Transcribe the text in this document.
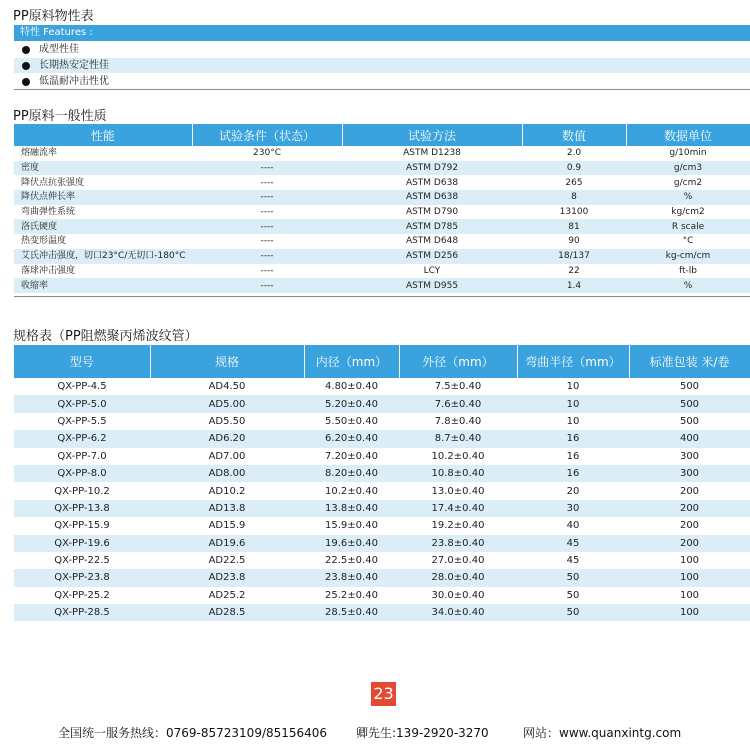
PP原料物性表
特性 Features :
成型性佳
长期热安定性佳
低温耐冲击性优
PP原料一般性质
性能	试验条件（状态）	试验方法	数值	数据单位
熔融流率	230°C	ASTM D1238	2.0	g/10min
密度	----	ASTM D792	0.9	g/cm3
降伏点抗张强度	----	ASTM D638	265	g/cm2
降伏点伸长率	----	ASTM D638	8	%
弯曲弹性系统	----	ASTM D790	13100	kg/cm2
洛氏硬度	----	ASTM D785	81	R scale
热变形温度	----	ASTM D648	90	°C
艾氏冲击强度，切口23°C/无切口-180°C	----	ASTM D256	18/137	kg-cm/cm
落球冲击强度	----	LCY	22	ft-lb
收缩率	----	ASTM D955	1.4	%
规格表（PP阻燃聚丙烯波纹管）
型号	规格	内径（mm）	外径（mm）	弯曲半径（mm）	标准包装 米/卷
QX-PP-4.5	AD4.50	4.80±0.40	7.5±0.40	10	500
QX-PP-5.0	AD5.00	5.20±0.40	7.6±0.40	10	500
QX-PP-5.5	AD5.50	5.50±0.40	7.8±0.40	10	500
QX-PP-6.2	AD6.20	6.20±0.40	8.7±0.40	16	400
QX-PP-7.0	AD7.00	7.20±0.40	10.2±0.40	16	300
QX-PP-8.0	AD8.00	8.20±0.40	10.8±0.40	16	300
QX-PP-10.2	AD10.2	10.2±0.40	13.0±0.40	20	200
QX-PP-13.8	AD13.8	13.8±0.40	17.4±0.40	30	200
QX-PP-15.9	AD15.9	15.9±0.40	19.2±0.40	40	200
QX-PP-19.6	AD19.6	19.6±0.40	23.8±0.40	45	200
QX-PP-22.5	AD22.5	22.5±0.40	27.0±0.40	45	100
QX-PP-23.8	AD23.8	23.8±0.40	28.0±0.40	50	100
QX-PP-25.2	AD25.2	25.2±0.40	30.0±0.40	50	100
QX-PP-28.5	AD28.5	28.5±0.40	34.0±0.40	50	100
23
全国统一服务热线：0769-85723109/85156406 卿先生:139-2920-3270	网站：www.quanxintg.com
